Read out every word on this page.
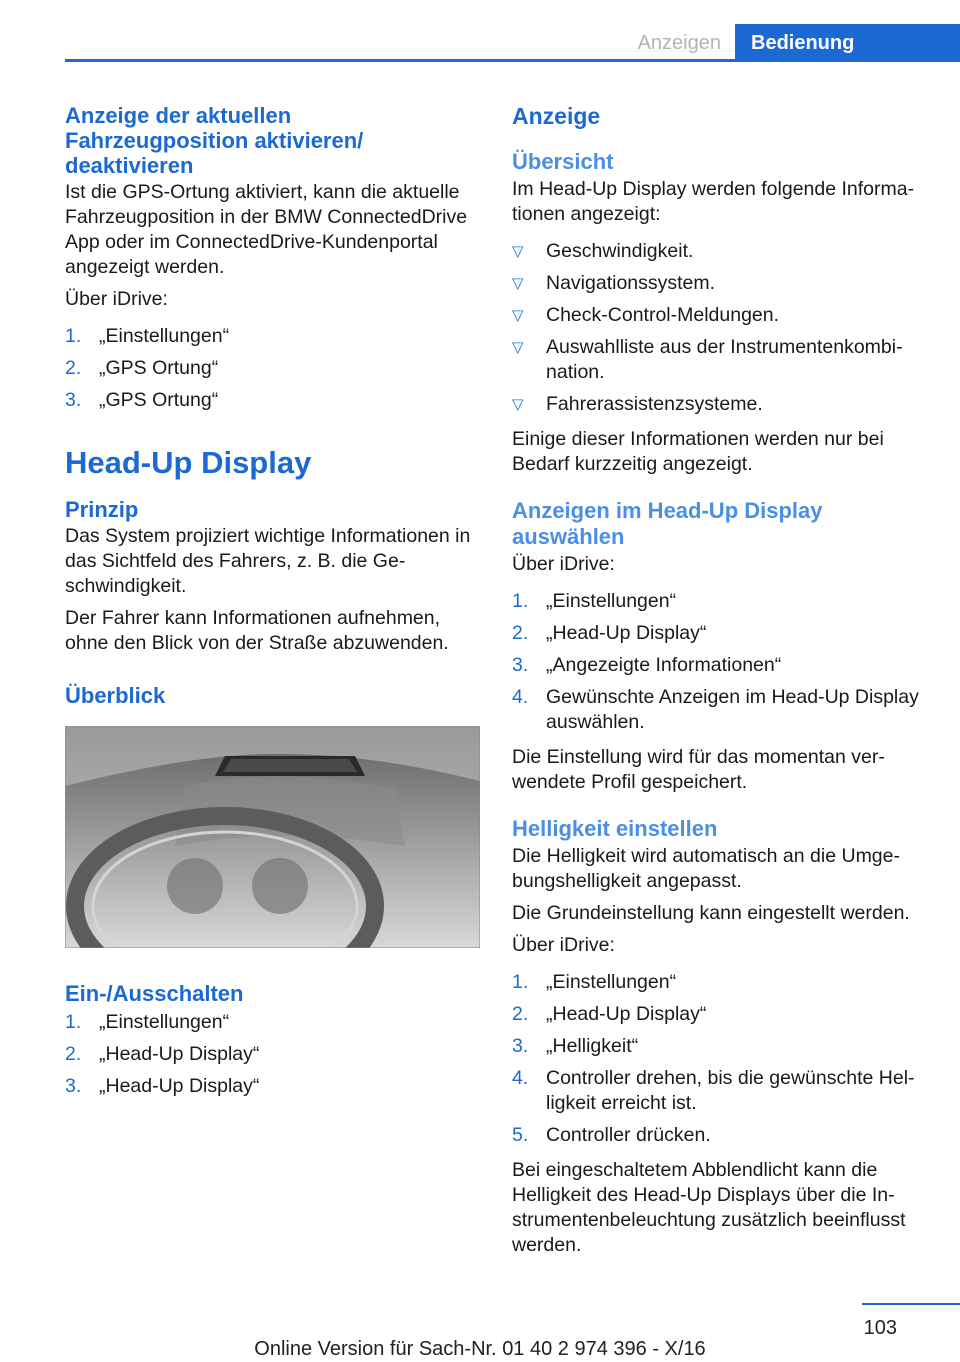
Anzeigen	Bedienung
Anzeige der aktuellen Fahrzeugposition aktivieren/ deaktivieren
Ist die GPS-Ortung aktiviert, kann die aktuelle Fahrzeugposition in der BMW ConnectedDrive App oder im ConnectedDrive-Kundenportal angezeigt werden.
Über iDrive:
1. „Einstellungen“
2. „GPS Ortung“
3. „GPS Ortung“
Head-Up Display
Prinzip
Das System projiziert wichtige Informationen in das Sichtfeld des Fahrers, z. B. die Ge- schwindigkeit.
Der Fahrer kann Informationen aufnehmen, ohne den Blick von der Straße abzuwenden.
Überblick
Ein-/Ausschalten
1. „Einstellungen“
2. „Head-Up Display“
3. „Head-Up Display“
Anzeige
Übersicht
Im Head-Up Display werden folgende Informa- tionen angezeigt:
▽ Geschwindigkeit.
▽ Navigationssystem.
▽ Check-Control-Meldungen.
▽ Auswahlliste aus der Instrumentenkombi- nation.
▽ Fahrerassistenzsysteme.
Einige dieser Informationen werden nur bei Bedarf kurzzeitig angezeigt.
Anzeigen im Head-Up Display auswählen
Über iDrive:
1. „Einstellungen“
2. „Head-Up Display“
3. „Angezeigte Informationen“
4. Gewünschte Anzeigen im Head-Up Display auswählen.
Die Einstellung wird für das momentan ver- wendete Profil gespeichert.
Helligkeit einstellen
Die Helligkeit wird automatisch an die Umge- bungshelligkeit angepasst.
Die Grundeinstellung kann eingestellt werden.
Über iDrive:
1. „Einstellungen“
2. „Head-Up Display“
3. „Helligkeit“
4. Controller drehen, bis die gewünschte Hel- ligkeit erreicht ist.
5. Controller drücken.
Bei eingeschaltetem Abblendlicht kann die Helligkeit des Head-Up Displays über die In- strumentenbeleuchtung zusätzlich beeinflusst werden.
103
Online Version für Sach-Nr. 01 40 2 974 396 - X/16
